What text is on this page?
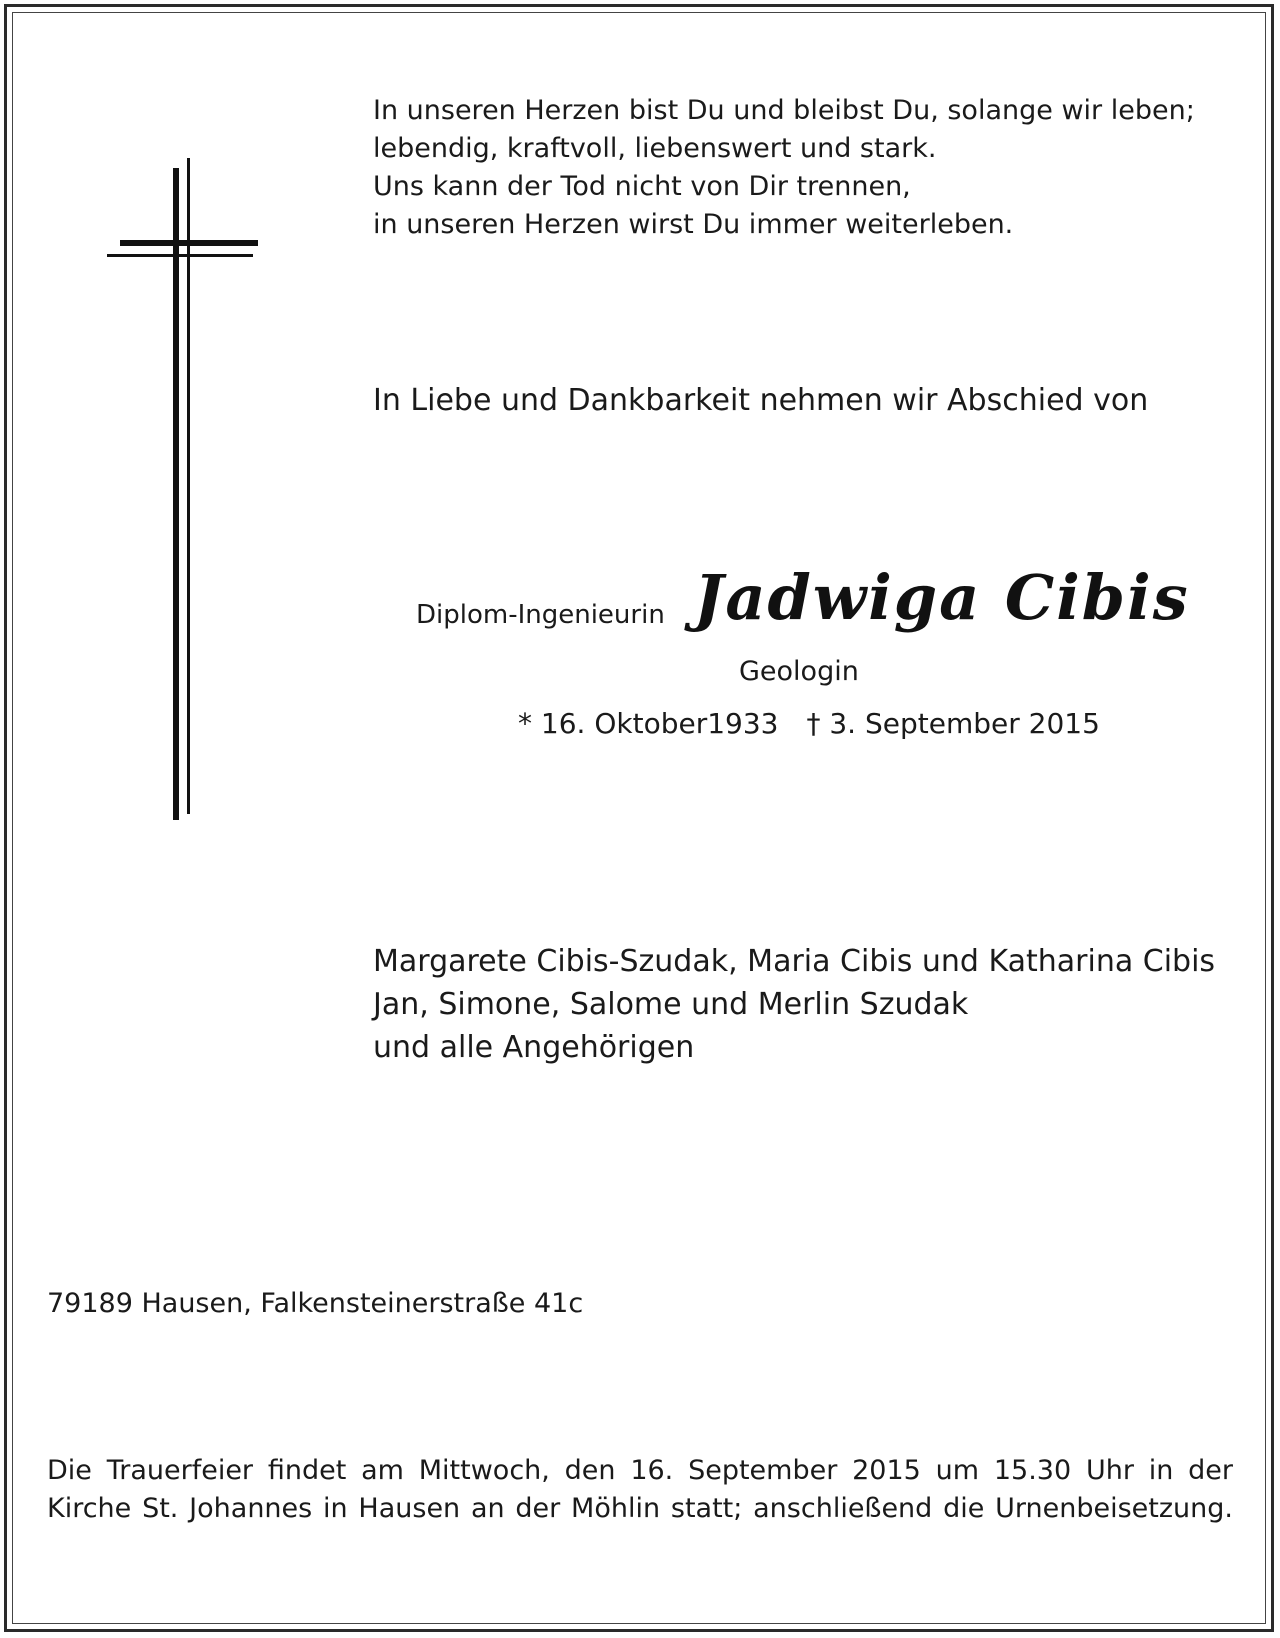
In unseren Herzen bist Du und bleibst Du, solange wir leben;
lebendig, kraftvoll, liebenswert und stark.
Uns kann der Tod nicht von Dir trennen,
in unseren Herzen wirst Du immer weiterleben.
In Liebe und Dankbarkeit nehmen wir Abschied von
Diplom-Ingenieurin Jadwiga Cibis
Geologin
* 16. Oktober1933 † 3. September 2015
Margarete Cibis-Szudak, Maria Cibis und Katharina Cibis
Jan, Simone, Salome und Merlin Szudak
und alle Angehörigen
79189 Hausen, Falkensteinerstraße 41c
Die Trauerfeier findet am Mittwoch, den 16. September 2015 um 15.30 Uhr in der
Kirche St. Johannes in Hausen an der Möhlin statt; anschließend die Urnenbeisetzung.
